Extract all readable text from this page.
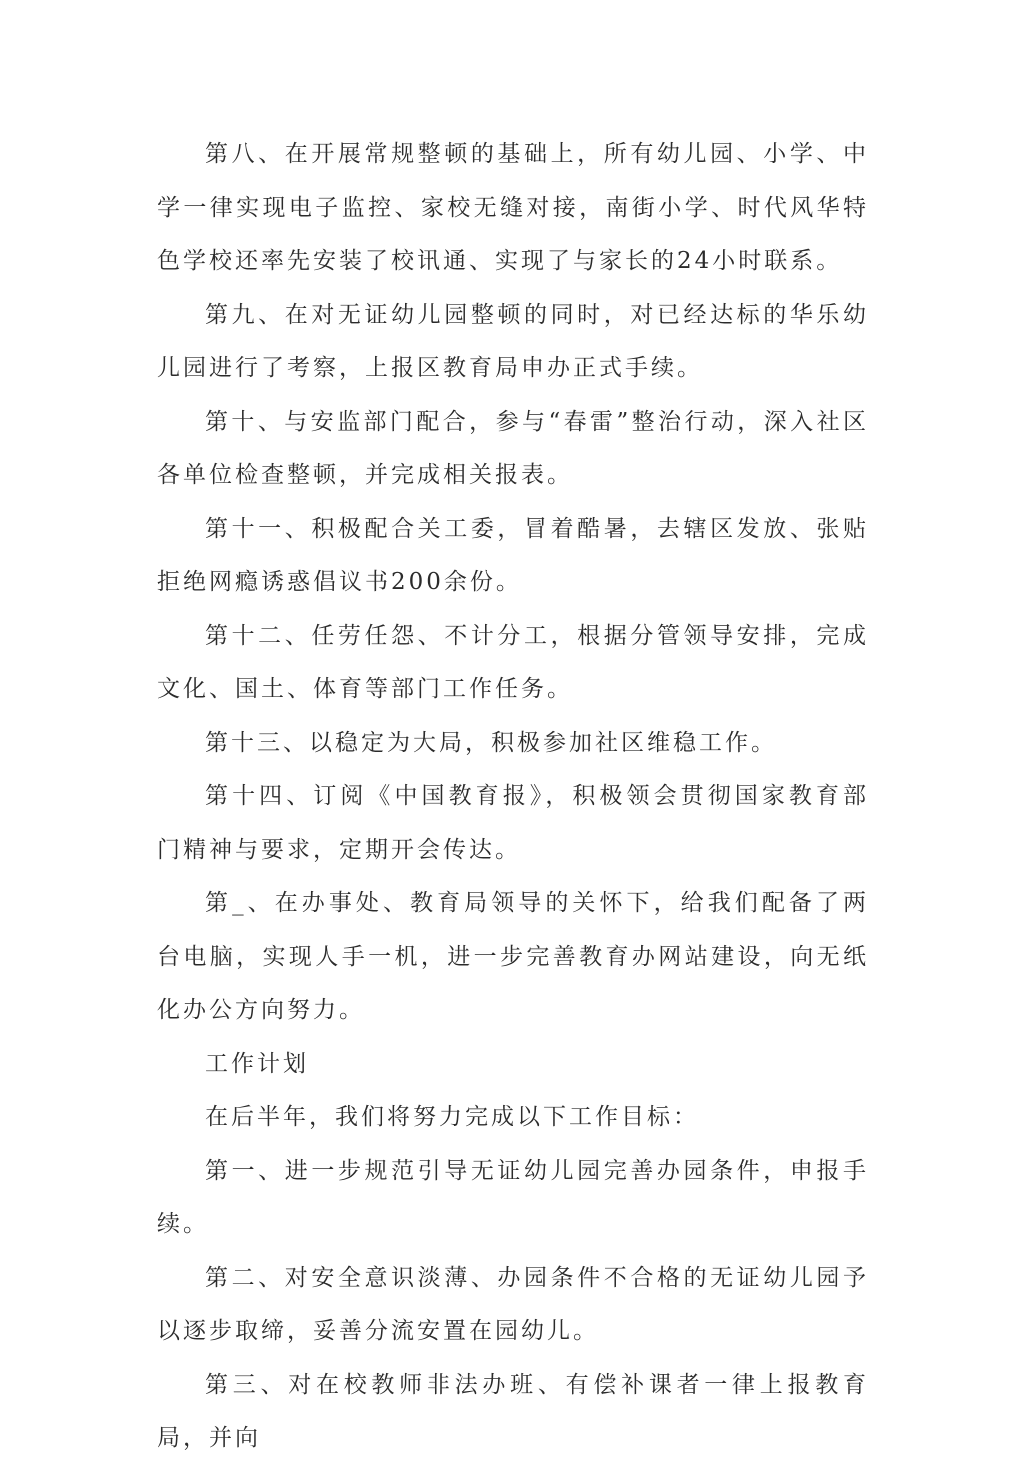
第八、在开展常规整顿的基础上，所有幼儿园、小学、中学一律实现电子监控、家校无缝对接，南街小学、时代风华特色学校还率先安装了校讯通、实现了与家长的24小时联系。

第九、在对无证幼儿园整顿的同时，对已经达标的华乐幼儿园进行了考察，上报区教育局申办正式手续。

第十、与安监部门配合，参与“春雷”整治行动，深入社区各单位检查整顿，并完成相关报表。

第十一、积极配合关工委，冒着酷暑，去辖区发放、张贴拒绝网瘾诱惑倡议书200余份。

第十二、任劳任怨、不计分工，根据分管领导安排，完成文化、国土、体育等部门工作任务。

第十三、以稳定为大局，积极参加社区维稳工作。

第十四、订阅《中国教育报》，积极领会贯彻国家教育部门精神与要求，定期开会传达。

第_、在办事处、教育局领导的关怀下，给我们配备了两台电脑，实现人手一机，进一步完善教育办网站建设，向无纸化办公方向努力。

工作计划

在后半年，我们将努力完成以下工作目标：

第一、进一步规范引导无证幼儿园完善办园条件，申报手续。

第二、对安全意识淡薄、办园条件不合格的无证幼儿园予以逐步取缔，妥善分流安置在园幼儿。

第三、对在校教师非法办班、有偿补课者一律上报教育局，并向
